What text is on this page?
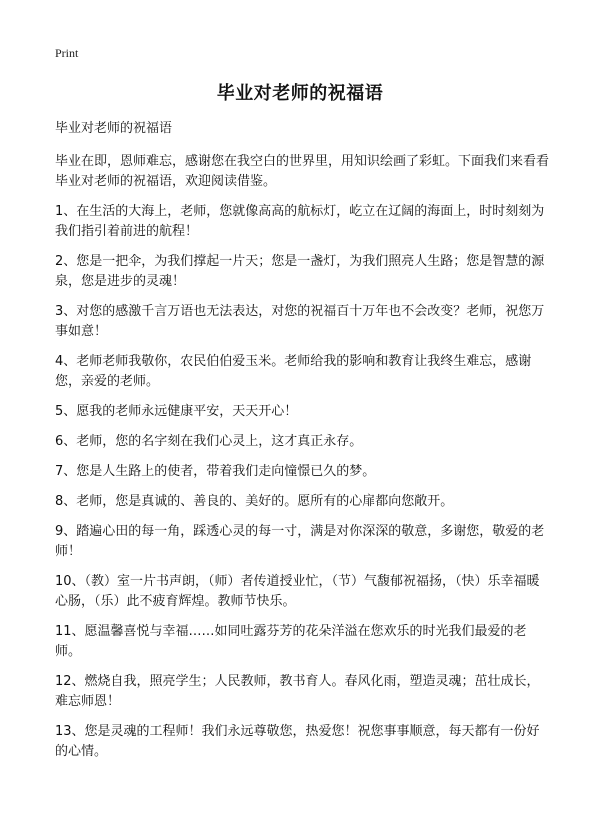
Print
毕业对老师的祝福语
毕业对老师的祝福语

毕业在即，恩师难忘，感谢您在我空白的世界里，用知识绘画了彩虹。下面我们来看看毕业对老师的祝福语，欢迎阅读借鉴。

1、在生活的大海上，老师，您就像高高的航标灯，屹立在辽阔的海面上，时时刻刻为我们指引着前进的航程！

2、您是一把伞，为我们撑起一片天；您是一盏灯，为我们照亮人生路；您是智慧的源泉，您是进步的灵魂！

3、对您的感激千言万语也无法表达，对您的祝福百十万年也不会改变？老师，祝您万事如意！

4、老师老师我敬你，农民伯伯爱玉米。老师给我的影响和教育让我终生难忘，感谢您，亲爱的老师。

5、愿我的老师永远健康平安，天天开心！

6、老师，您的名字刻在我们心灵上，这才真正永存。

7、您是人生路上的使者，带着我们走向憧憬已久的梦。

8、老师，您是真诚的、善良的、美好的。愿所有的心扉都向您敞开。

9、踏遍心田的每一角，踩透心灵的每一寸，满是对你深深的敬意，多谢您，敬爱的老师！

10、（教）室一片书声朗，（师）者传道授业忙，（节）气馥郁祝福扬，（快）乐幸福暖心肠，（乐）此不疲育辉煌。教师节快乐。

11、愿温馨喜悦与幸福……如同吐露芬芳的花朵洋溢在您欢乐的时光我们最爱的老师。

12、燃烧自我，照亮学生；人民教师，教书育人。春风化雨，塑造灵魂；茁壮成长，难忘师恩！

13、您是灵魂的工程师！我们永远尊敬您，热爱您！祝您事事顺意，每天都有一份好的心情。
